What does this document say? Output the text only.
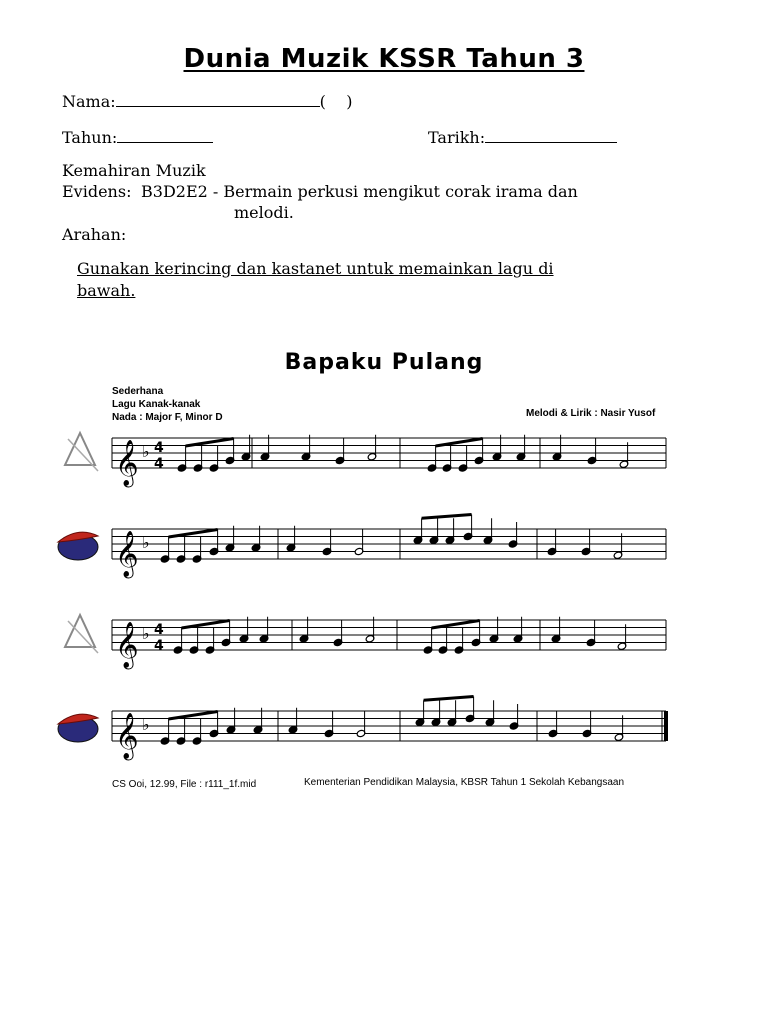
Dunia Muzik KSSR Tahun 3
Nama:	(    )
Tahun:	Tarikh:
Kemahiran Muzik
Evidens: B3D2E2 - Bermain perkusi mengikut corak irama dan
melodi.
Arahan:
Gunakan kerincing dan kastanet untuk memainkan lagu di
bawah.
Bapaku Pulang
Sederhana
Lagu Kanak-kanak
Nada : Major F, Minor D	Melodi & Lirik : Nasir Yusof
𝄞 ♭ 4
4
𝄞 ♭
𝄞 ♭ 4
4
𝄞 ♭
CS Ooi, 12.99, File : r111_1f.mid	Kementerian Pendidikan Malaysia, KBSR Tahun 1 Sekolah Kebangsaan
